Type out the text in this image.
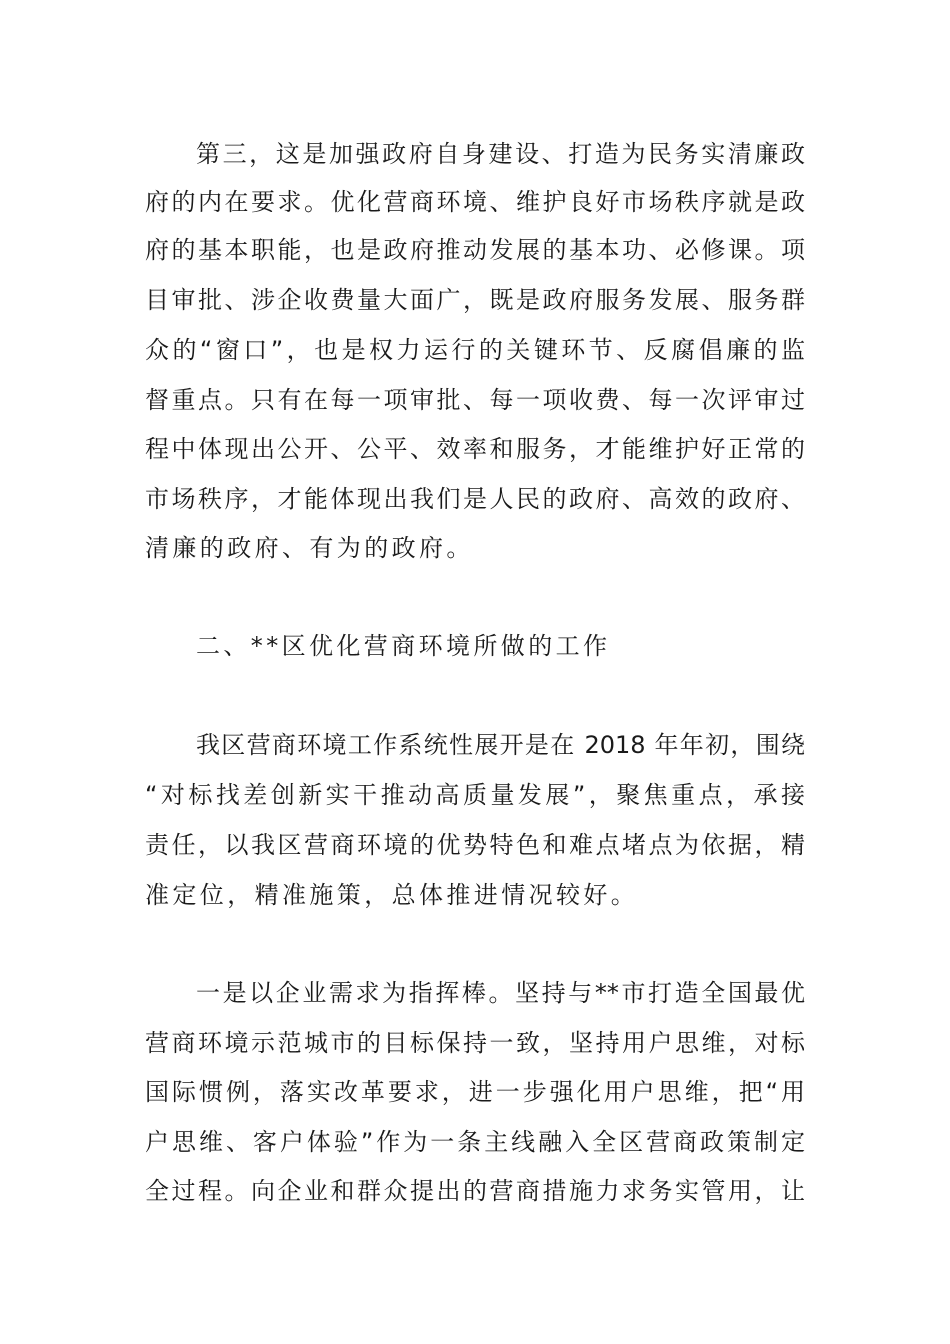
第三，这是加强政府自身建设、打造为民务实清廉政
府的内在要求。优化营商环境、维护良好市场秩序就是政
府的基本职能，也是政府推动发展的基本功、必修课。项
目审批、涉企收费量大面广，既是政府服务发展、服务群
众的“窗口”，也是权力运行的关键环节、反腐倡廉的监
督重点。只有在每一项审批、每一项收费、每一次评审过
程中体现出公开、公平、效率和服务，才能维护好正常的
市场秩序，才能体现出我们是人民的政府、高效的政府、
清廉的政府、有为的政府。
二、**区优化营商环境所做的工作
我区营商环境工作系统性展开是在 2018 年年初，围绕
“对标找差创新实干推动高质量发展”，聚焦重点，承接
责任，以我区营商环境的优势特色和难点堵点为依据，精
准定位，精准施策，总体推进情况较好。
一是以企业需求为指挥棒。坚持与**市打造全国最优
营商环境示范城市的目标保持一致，坚持用户思维，对标
国际惯例，落实改革要求，进一步强化用户思维，把“用
户思维、客户体验”作为一条主线融入全区营商政策制定
全过程。向企业和群众提出的营商措施力求务实管用，让
